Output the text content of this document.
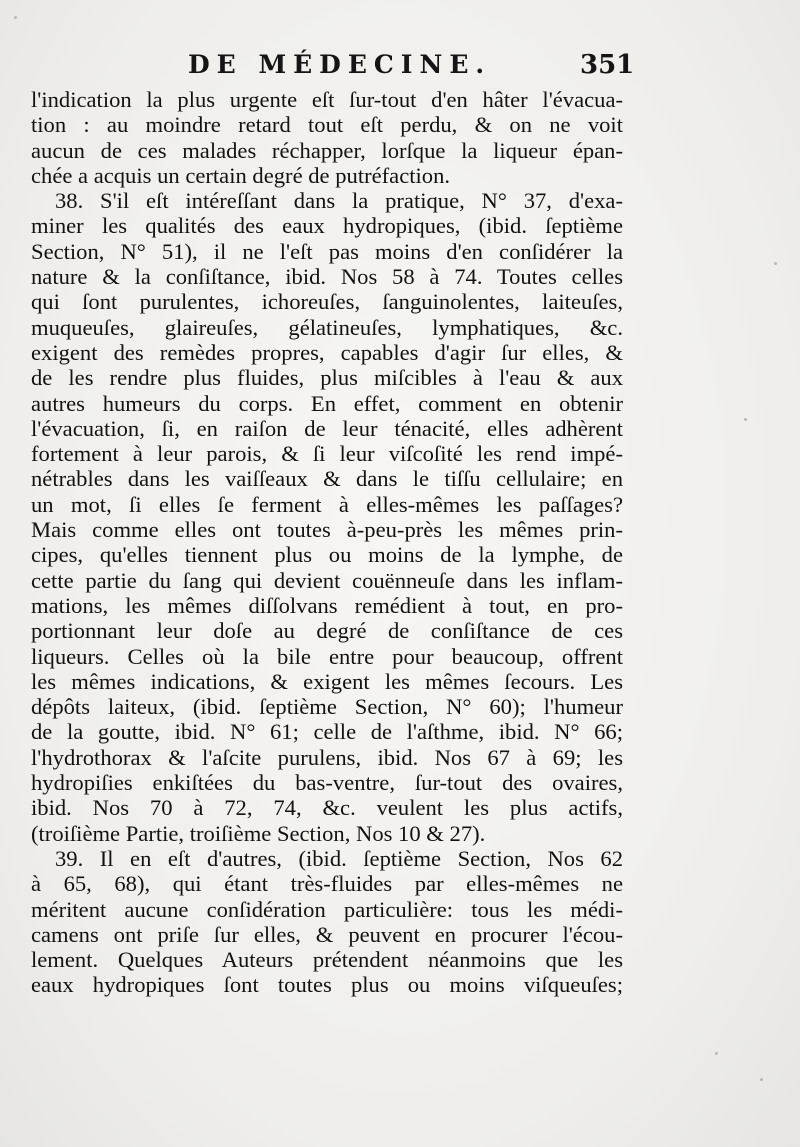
DE MÉDECINE.	351
l'indication la plus urgente eſt ſur-tout d'en hâter l'évacua-
tion : au moindre retard tout eſt perdu, & on ne voit
aucun de ces malades réchapper, lorſque la liqueur épan-
chée a acquis un certain degré de putréfaction.
38. S'il eſt intéreſſant dans la pratique, N° 37, d'exa-
miner les qualités des eaux hydropiques, (ibid. ſeptième
Section, N° 51), il ne l'eſt pas moins d'en conſidérer la
nature & la conſiſtance, ibid. Nos 58 à 74. Toutes celles
qui ſont purulentes, ichoreuſes, ſanguinolentes, laiteuſes,
muqueuſes, glaireuſes, gélatineuſes, lymphatiques, &c.
exigent des remèdes propres, capables d'agir ſur elles, &
de les rendre plus fluides, plus miſcibles à l'eau & aux
autres humeurs du corps. En effet, comment en obtenir
l'évacuation, ſi, en raiſon de leur ténacité, elles adhèrent
fortement à leur parois, & ſi leur viſcoſité les rend impé-
nétrables dans les vaiſſeaux & dans le tiſſu cellulaire; en
un mot, ſi elles ſe ferment à elles-mêmes les paſſages?
Mais comme elles ont toutes à-peu-près les mêmes prin-
cipes, qu'elles tiennent plus ou moins de la lymphe, de
cette partie du ſang qui devient couënneuſe dans les inflam-
mations, les mêmes diſſolvans remédient à tout, en pro-
portionnant leur doſe au degré de conſiſtance de ces
liqueurs. Celles où la bile entre pour beaucoup, offrent
les mêmes indications, & exigent les mêmes ſecours. Les
dépôts laiteux, (ibid. ſeptième Section, N° 60); l'humeur
de la goutte, ibid. N° 61; celle de l'aſthme, ibid. N° 66;
l'hydrothorax & l'aſcite purulens, ibid. Nos 67 à 69; les
hydropiſies enkiſtées du bas-ventre, ſur-tout des ovaires,
ibid. Nos 70 à 72, 74, &c. veulent les plus actifs,
(troiſième Partie, troiſième Section, Nos 10 & 27).
39. Il en eſt d'autres, (ibid. ſeptième Section, Nos 62
à 65, 68), qui étant très-fluides par elles-mêmes ne
méritent aucune conſidération particulière: tous les médi-
camens ont priſe ſur elles, & peuvent en procurer l'écou-
lement. Quelques Auteurs prétendent néanmoins que les
eaux hydropiques ſont toutes plus ou moins viſqueuſes;
